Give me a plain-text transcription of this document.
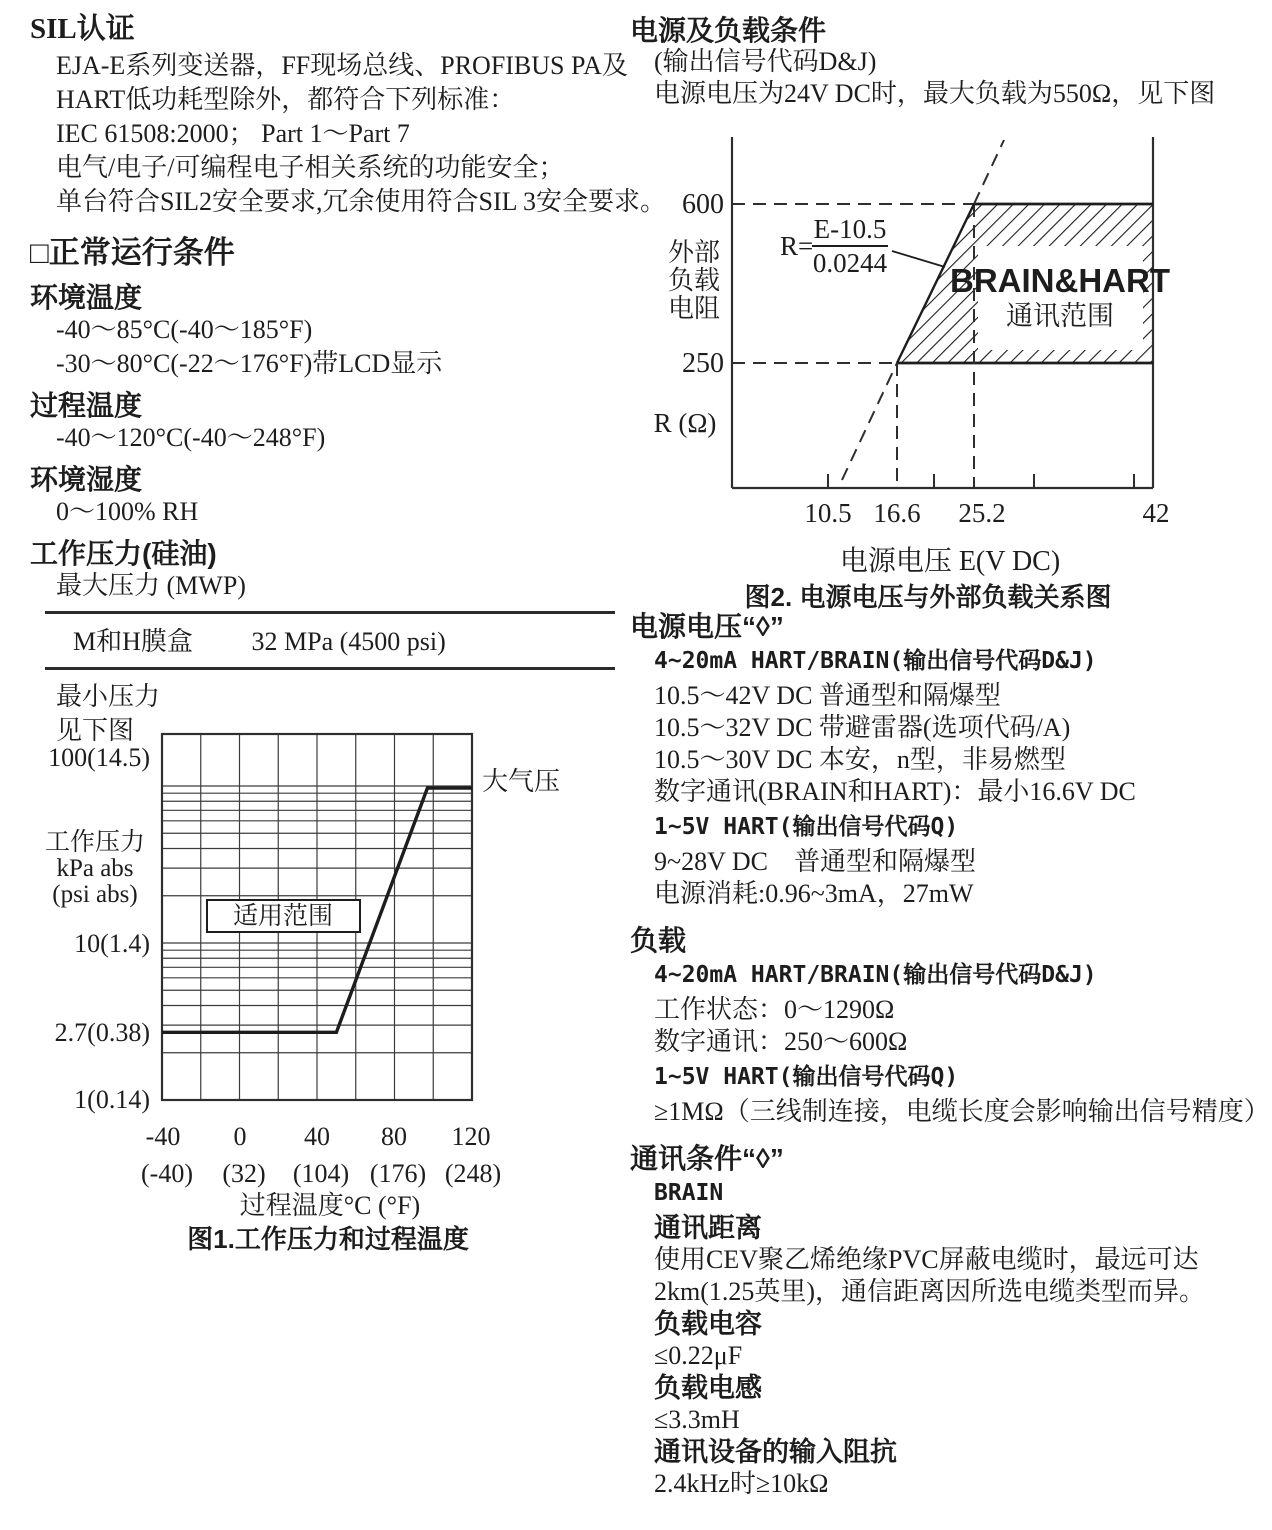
SIL认证
EJA-E系列变送器，FF现场总线、PROFIBUS PA及
HART低功耗型除外，都符合下列标准：
IEC 61508:2000； Part 1～Part 7
电气/电子/可编程电子相关系统的功能安全；
单台符合SIL2安全要求,冗余使用符合SIL 3安全要求。
□正常运行条件
环境温度
-40～85°C(-40～185°F)
-30～80°C(-22～176°F)带LCD显示
过程温度
-40～120°C(-40～248°F)
环境湿度
0～100% RH
工作压力(硅油)
最大压力 (MWP)
M和H膜盒 32 MPa (4500 psi)
最小压力
见下图
电源及负载条件
(输出信号代码D&J)
电源电压为24V DC时，最大负载为550Ω，见下图
电源电压“◊”
4~20mA HART/BRAIN(输出信号代码D&J)
10.5～42V DC 普通型和隔爆型
10.5～32V DC 带避雷器(选项代码/A)
10.5～30V DC 本安，n型，非易燃型
数字通讯(BRAIN和HART)：最小16.6V DC
1~5V HART(输出信号代码Q)
9~28V DC　普通型和隔爆型
电源消耗:0.96~3mA，27mW
负载
4~20mA HART/BRAIN(输出信号代码D&J)
工作状态：0～1290Ω
数字通讯：250～600Ω
1~5V HART(输出信号代码Q)
≥1MΩ（三线制连接，电缆长度会影响输出信号精度）
通讯条件“◊”
BRAIN
通讯距离
使用CEV聚乙烯绝缘PVC屏蔽电缆时，最远可达
2km(1.25英里)，通信距离因所选电缆类型而异。
负载电容
≤0.22μF
负载电感
≤3.3mH
通讯设备的输入阻抗
2.4kHz时≥10kΩ
适用范围
大气压
100(14.5)
10(1.4)
2.7(0.38)
1(0.14)
工作压力
kPa abs
(psi abs)
-40 0 40 80 120
(-40) (32) (104) (176) (248)
过程温度°C (°F)
图1.工作压力和过程温度
R=
E-10.5
0.0244 BRAIN&HART
通讯范围
600
250
外部
负载
电阻
R (Ω)
10.5 16.6 25.2	42
电源电压 E(V DC)
图2. 电源电压与外部负载关系图
